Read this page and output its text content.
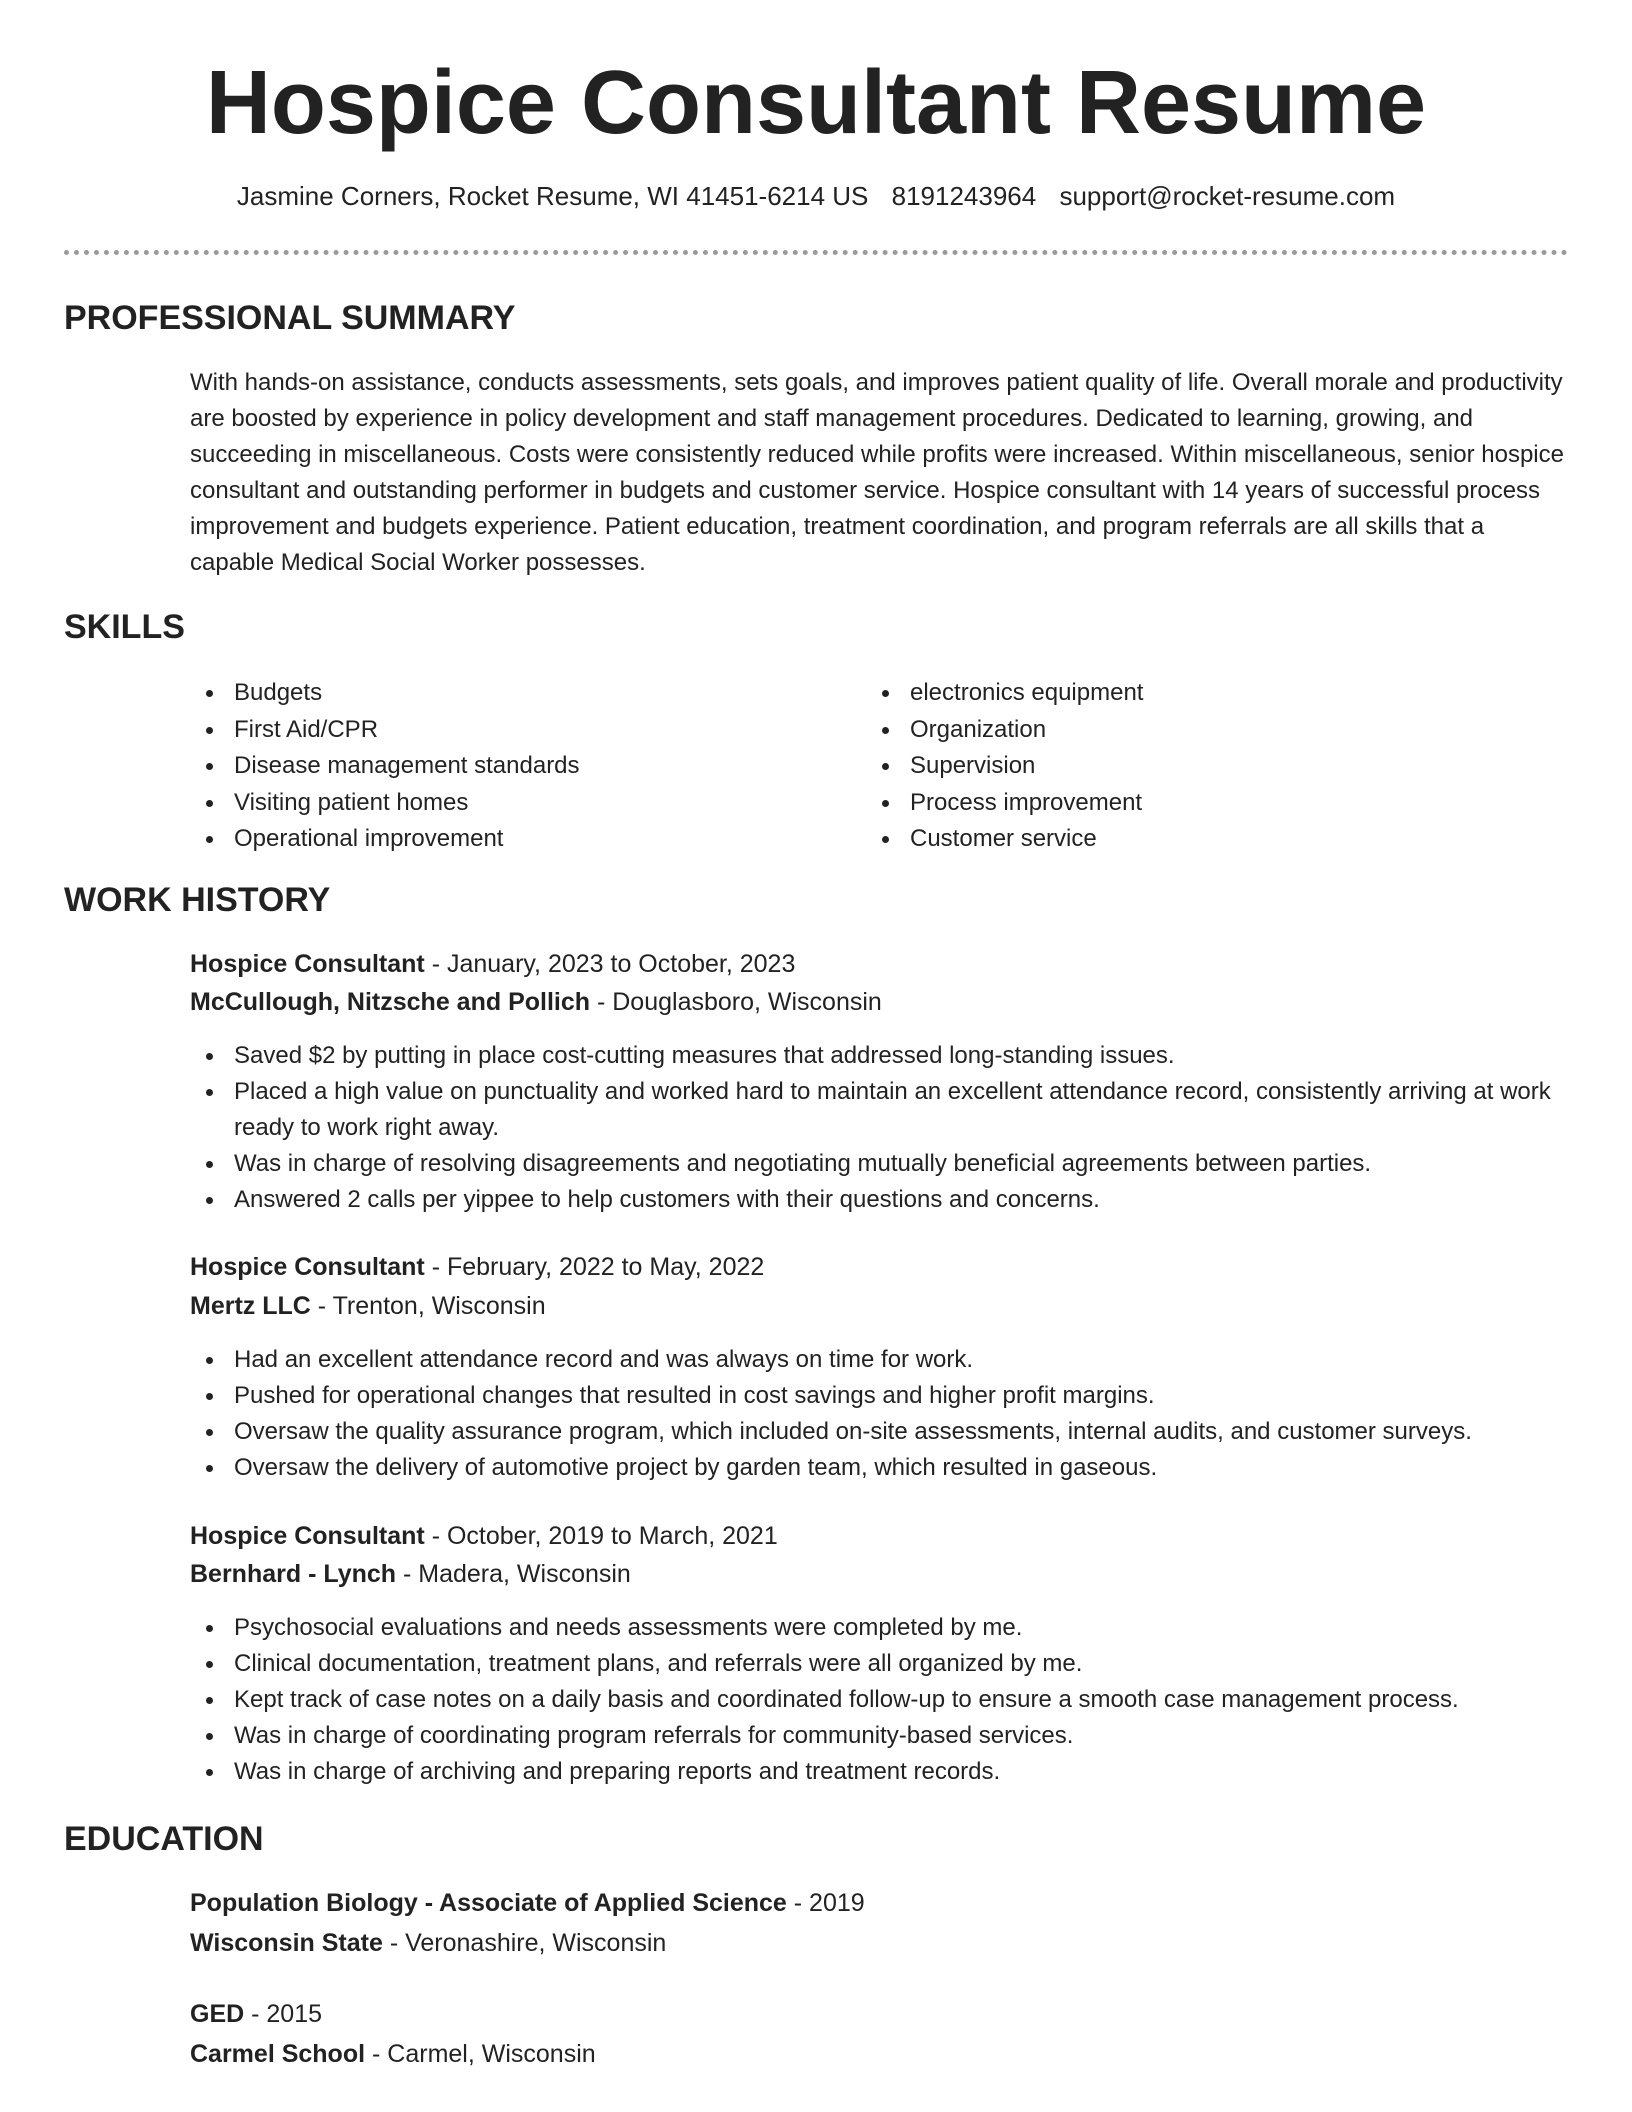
Hospice Consultant Resume
Jasmine Corners, Rocket Resume, WI 41451-6214 US 8191243964 support@rocket-resume.com
PROFESSIONAL SUMMARY

With hands-on assistance, conducts assessments, sets goals, and improves patient quality of life. Overall morale and productivity are boosted by experience in policy development and staff management procedures. Dedicated to learning, growing, and succeeding in miscellaneous. Costs were consistently reduced while profits were increased. Within miscellaneous, senior hospice consultant and outstanding performer in budgets and customer service. Hospice consultant with 14 years of successful process improvement and budgets experience. Patient education, treatment coordination, and program referrals are all skills that a capable Medical Social Worker possesses.

SKILLS
Budgets
First Aid/CPR
Disease management standards
Visiting patient homes
Operational improvement
electronics equipment
Organization
Supervision
Process improvement
Customer service
WORK HISTORY
Hospice Consultant - January, 2023 to October, 2023
McCullough, Nitzsche and Pollich - Douglasboro, Wisconsin
Saved $2 by putting in place cost-cutting measures that addressed long-standing issues.
Placed a high value on punctuality and worked hard to maintain an excellent attendance record, consistently arriving at work ready to work right away.
Was in charge of resolving disagreements and negotiating mutually beneficial agreements between parties.
Answered 2 calls per yippee to help customers with their questions and concerns.
Hospice Consultant - February, 2022 to May, 2022
Mertz LLC - Trenton, Wisconsin
Had an excellent attendance record and was always on time for work.
Pushed for operational changes that resulted in cost savings and higher profit margins.
Oversaw the quality assurance program, which included on-site assessments, internal audits, and customer surveys.
Oversaw the delivery of automotive project by garden team, which resulted in gaseous.
Hospice Consultant - October, 2019 to March, 2021
Bernhard - Lynch - Madera, Wisconsin
Psychosocial evaluations and needs assessments were completed by me.
Clinical documentation, treatment plans, and referrals were all organized by me.
Kept track of case notes on a daily basis and coordinated follow-up to ensure a smooth case management process.
Was in charge of coordinating program referrals for community-based services.
Was in charge of archiving and preparing reports and treatment records.
EDUCATION
Population Biology - Associate of Applied Science - 2019
Wisconsin State - Veronashire, Wisconsin
GED - 2015
Carmel School - Carmel, Wisconsin
